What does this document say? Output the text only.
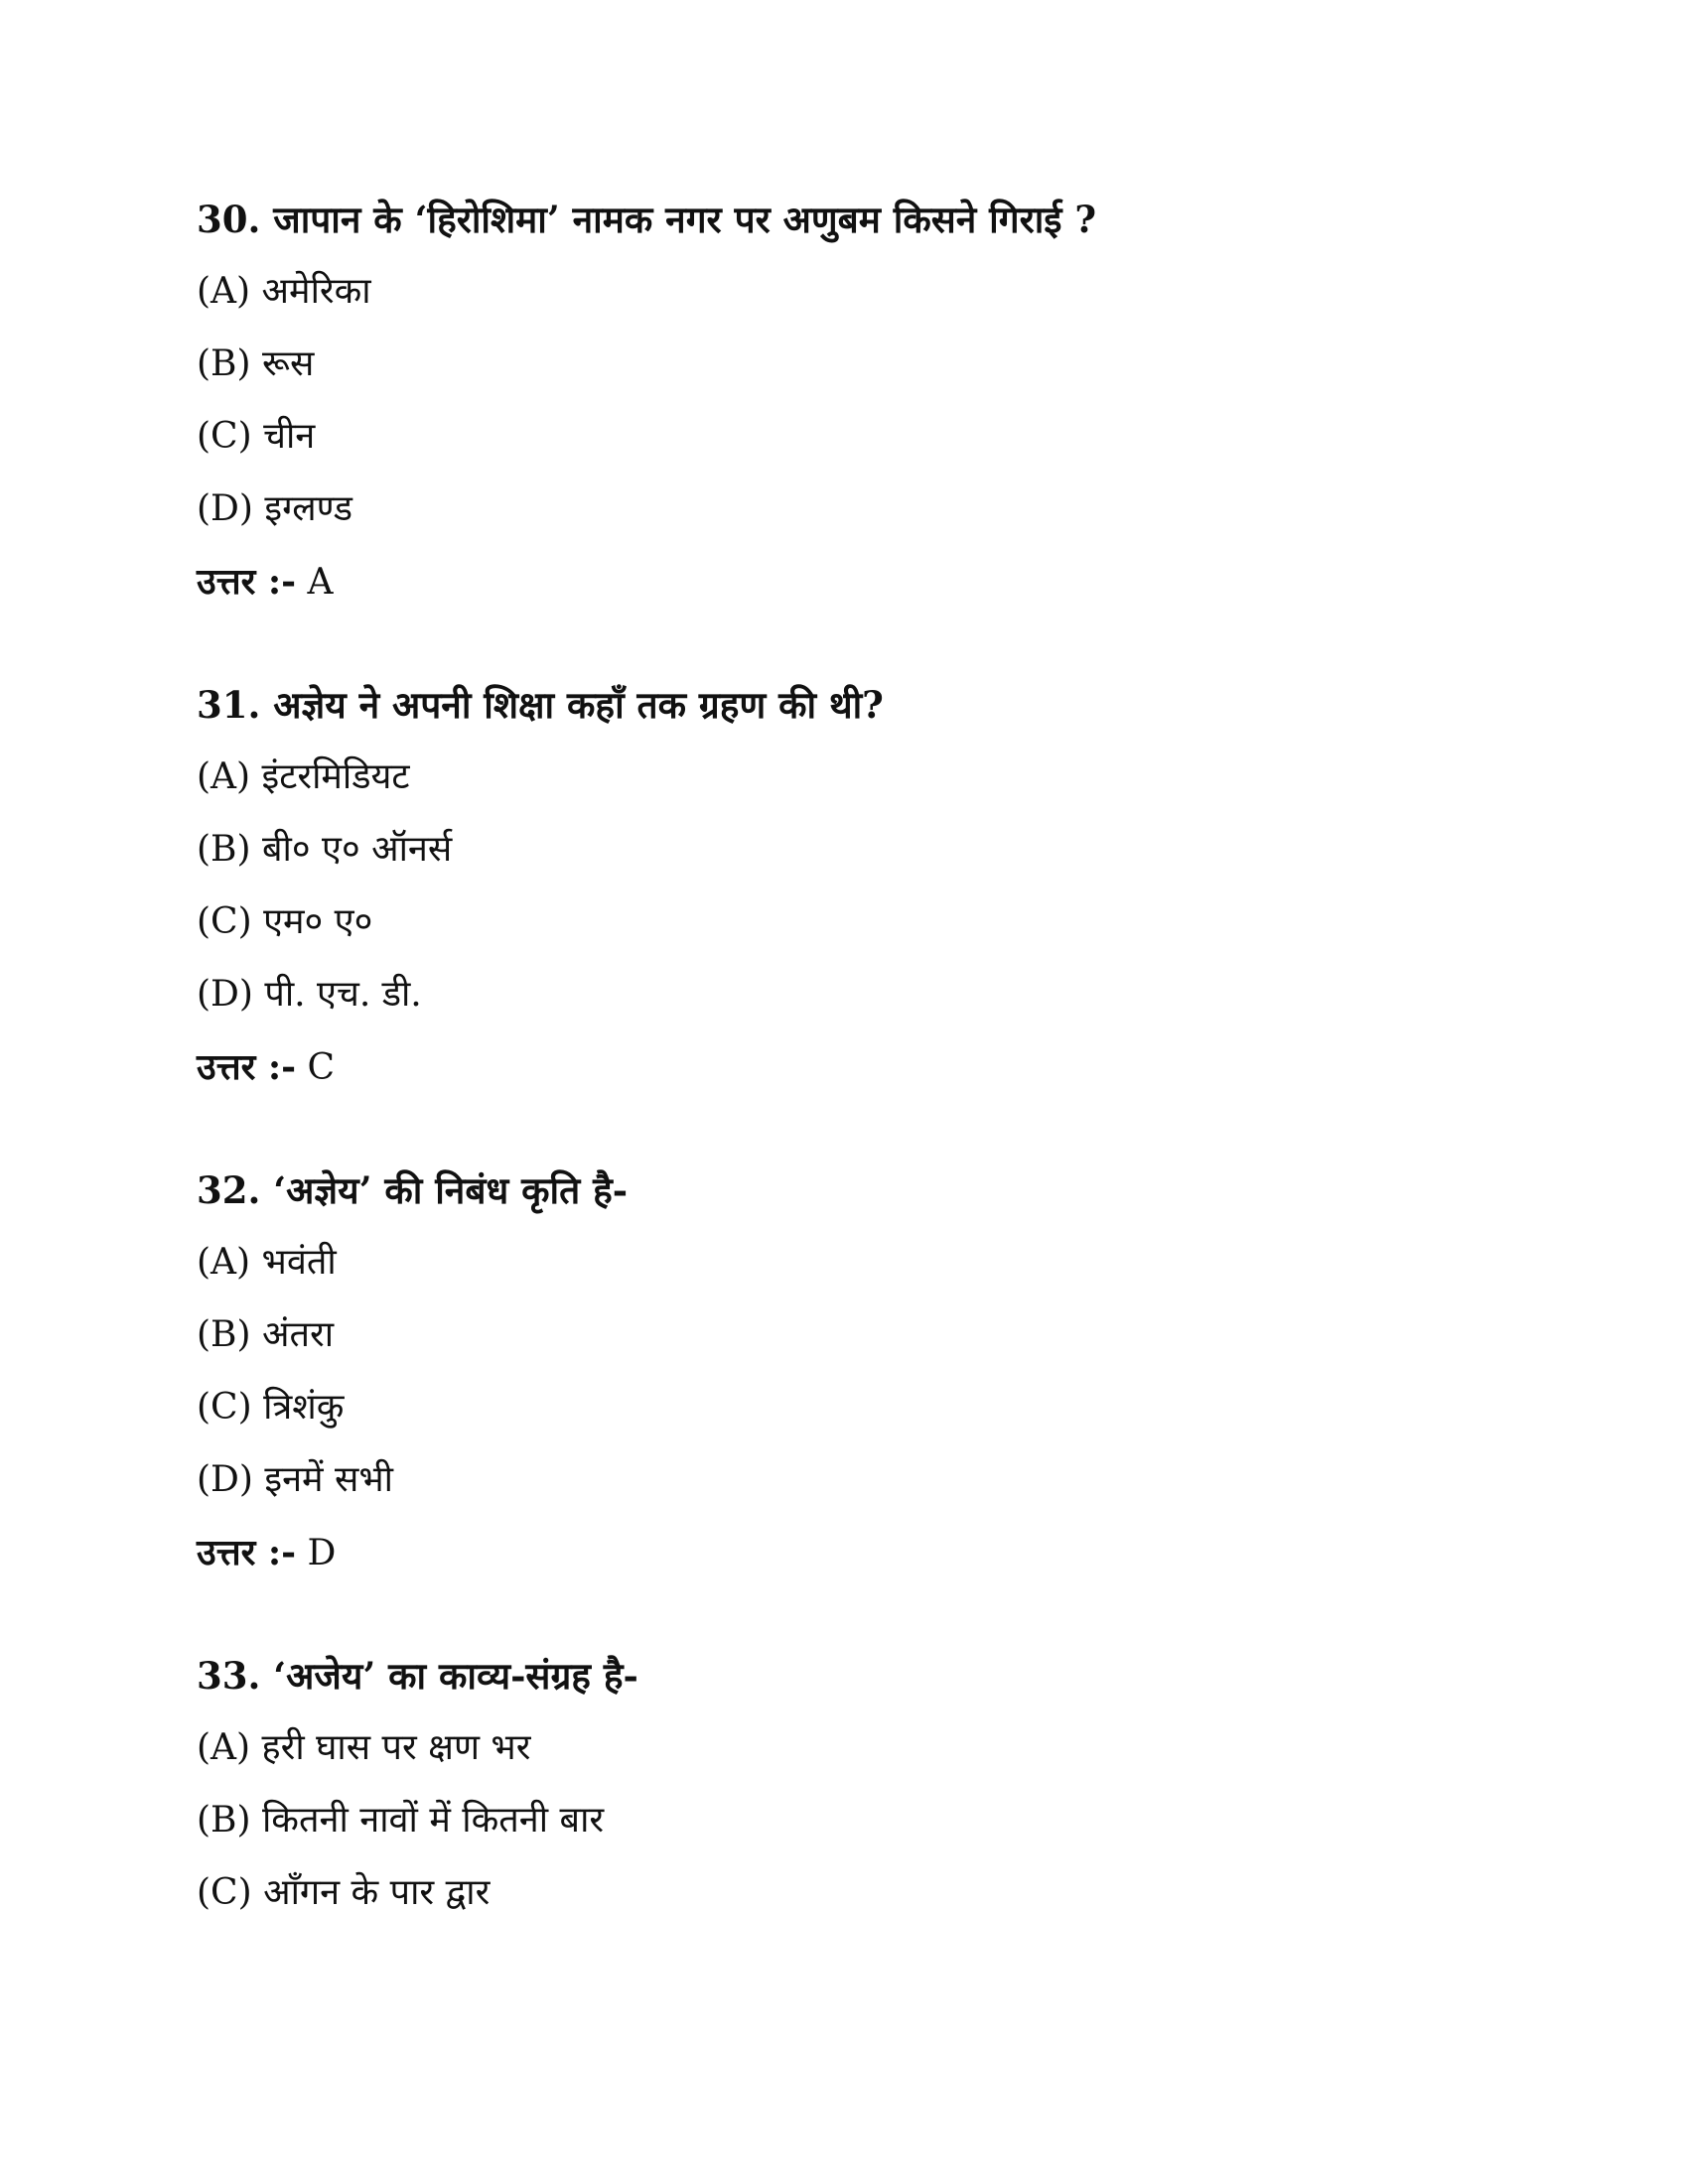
30. जापान के ‘हिरोशिमा’ नामक नगर पर अणुबम किसने गिराई ?

(A) अमेरिका

(B) रूस

(C) चीन

(D) इग्लण्ड

उत्तर :- A

31. अज्ञेय ने अपनी शिक्षा कहाँ तक ग्रहण की थी?

(A) इंटरमिडियट

(B) बी० ए० ऑनर्स

(C) एम० ए०

(D) पी. एच. डी.

उत्तर :- C

32. ‘अज्ञेय’ की निबंध कृति है-

(A) भवंती

(B) अंतरा

(C) त्रिशंकु

(D) इनमें सभी

उत्तर :- D

33. ‘अजेय’ का काव्य-संग्रह है-

(A) हरी घास पर क्षण भर

(B) कितनी नावों में कितनी बार

(C) आँगन के पार द्वार
